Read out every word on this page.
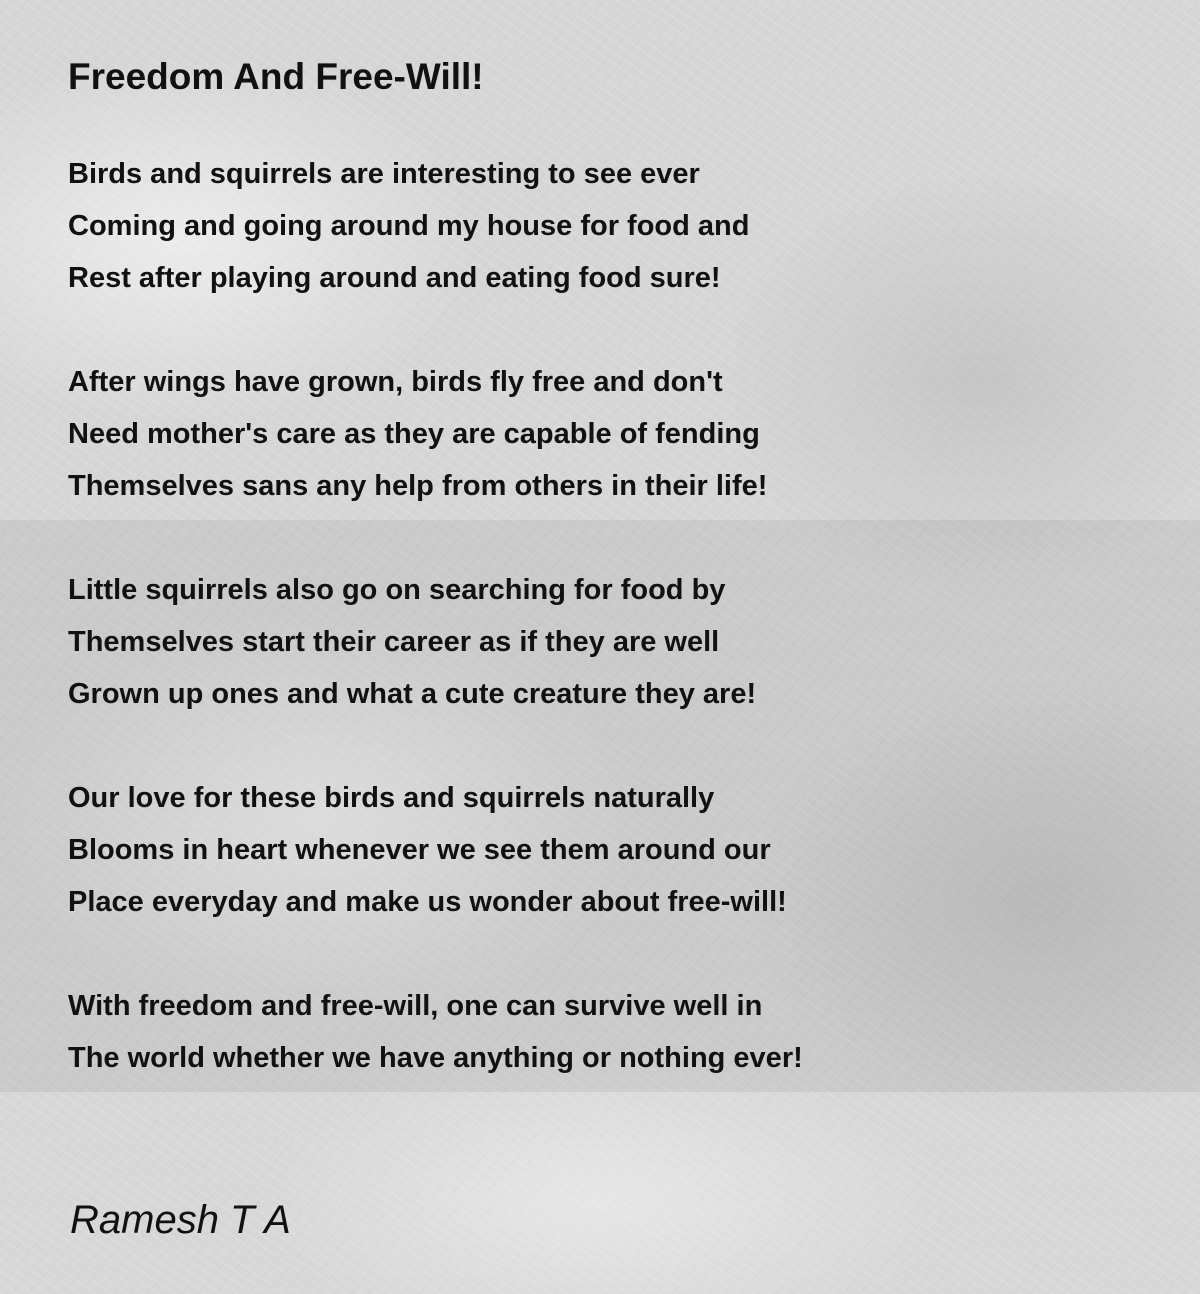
Freedom And Free-Will!
Birds and squirrels are interesting to see ever
Coming and going around my house for food and
Rest after playing around and eating food sure!
After wings have grown, birds fly free and don't
Need mother's care as they are capable of fending
Themselves sans any help from others in their life!
Little squirrels also go on searching for food by
Themselves start their career as if they are well
Grown up ones and what a cute creature they are!
Our love for these birds and squirrels naturally
Blooms in heart whenever we see them around our
Place everyday and make us wonder about free-will!
With freedom and free-will, one can survive well in
The world whether we have anything or nothing ever!
Ramesh T A
